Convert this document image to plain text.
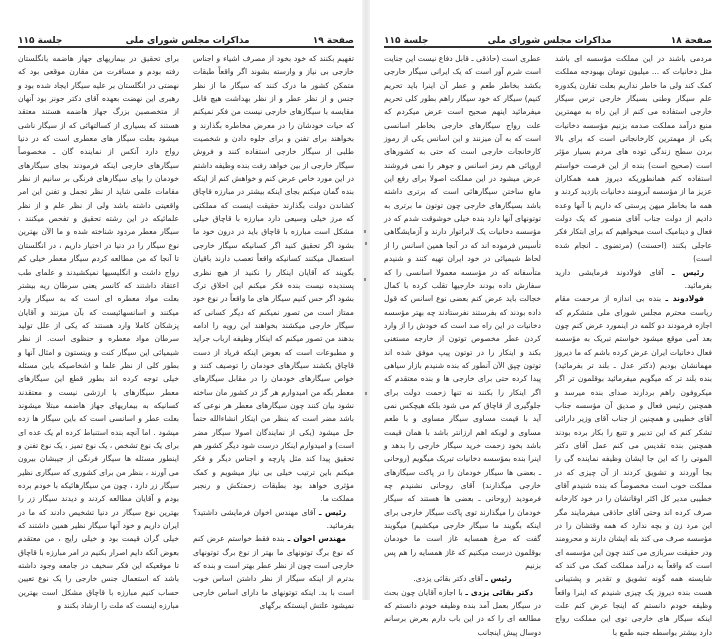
صفحة ۱۹
مذاکرات مجلس شورای ملی
جلسة ۱۱۵

تفهیم بکنند که خود بخود از مصرف اشیاء و اجناس خارجی بی نیاز و وارسته بشوند اگر واقعاً طبقات متمکن کشور ما درک کنند که سیگار ما از نظر جنس و از نظر عطر و از نظر بهداشت هیچ قابل مقایسه با سیگارهای خارجی نیست من فکر نمیکنم که حیات خودشان را در معرض مخاطره بگذارند و بخواهند برای تفنن و برای جلوه دادن و شخصیت طلبی از سیگار خارجی استفاده کنند و فروش سیگار خارجی از بین خواهد رفت بنده وظیفه داشتم در این مورد خاص عرض کنم و خواهش کنم از اینکه بنده گمان میکنم بجای اینکه بیشتر در مبارزه قاچاق کشاندن دولت بگذارند حقیقت اینست که مملکتی که مرز خیلی وسیعی دارد مبارزه با قاچاق خیلی مشکل است مبارزه با قاچاق باید در درون خود ما بشود اگر تحقیق کنید اگر کسانیکه سیگار خارجی استعمال میکنند کسانیکه واقعاً تعصب دارند باقیان بگویند که آقایان اینکار را نکنید از هیچ نظری پسندیده نیست بنده فکر میکنم این اخلاق ترک بشود اگر حس کنیم سیگار های ما واقعاً در نوع خود ممتاز است من تصور نمیکنم که دیگر کسانی که سیگار خارجی میکشند بخواهند این رویه را ادامه بدهند من تصور میکنم که اینکار وظیفه ارباب جراید و مطبوعات است که بعوض اینکه فریاد از دست قاچاق بکشند سیگارهای خودمان را توصیف کنند و خواص سیگارهای خودمان را در مقابل سیگارهای معطر بگه من امیدوارم هر گز در کشور مان ساخته نشود بیان کنند چون سیگارهای معطر هر نوعی که باشد مضر است که بنظر من اینکار انشاءالله حتماً حل میشود (یکی از نمایندگان اصولا سیگار مضر است) و امیدوارم اینکار درست شود دیگر کشور هم تحقیق پیدا کند مثل پارچه و اجناس دیگر و فکر میکنم باین ترتیب خیلی بی نیاز میشویم و کمک مؤثری خواهد بود بطبقات زحمتکش و رنجبر مملکت ما.

رئیس ـ آقای مهندس اخوان فرمایشی داشتید؟ بفرمائید.

مهندس اخوان ـ بنده فقط خواستم عرض کنم که نوع برگ توتونهای ما بهتر از نوع برگ توتونهای خارجی است چون از نظر عطر بهتر است و بنده که بدترم از اینکه سیگار از نظر داشتن اساس خوب است با بد. اینکه توتونهای ما دارای اساس خارجی نمیشود علتش اینستکه برگهای

برای تحقیق در بیماریهای جهاز هاضمه بانگلستان رفته بودم و مسافرت من مقارن موقعی بود که نهضتی در انگلستان بر علیه سیگار ایجاد شده بود و رهبری این نهضت بعهده آقای دکتر جونز بود آنهان از متخصصین بزرگ جهاز هاضمه هستند معتقد هستند که بسیاری از کسالتهائی که از سیگار ناشی میشود بعلت سیگار های معطری است که در دنیا رواج دارد آنکس از نماینده گان ـ مخصوصاً سیگارهای خارجی اینکه فرمودند بجای سیگارهای خودمان را بپای سیگارهای فرنگی بر سانیم از نظر مقامات علمی شاید از نظر تجمل و تفنن این امر واقعیتی داشته باشد ولی از نظر علم و از نظر علمائیکه در این رشته تحقیق و تفحص میکنند ، سیگار معطر مردود شناخته شده و ما الآن بهترین نوع سیگار را در دنیا در اختیار داریم ، در انگلستان تا آنجا که من مطالعه کردم سیگار معطر خیلی کم رواج داشت و انگلیسیها نمیکشیدند و علمای طب اعتقاد داشتند که کانسر یعنی سرطان ریه بیشتر بعلت مواد معطره ای است که به سیگار وارد میکنند و اسانسهائیست که بآن میزنند و آقایان پزشکان کاملا وارد هستند که یکی از علل تولید سرطان مواد معطره و حنظوی است. از نظر شیمیائی این سیگار کنت و وینستون و امثال آنها و بطور کلی از نظر علما و اشخاصیکه باین مسئله خیلی توجه کرده اند بطور قطع این سیگارهای معطر سیگارهای با ارزشی نیست و معتقدند کسانیکه به بیماریهای جهاز هاضمه مبتلا میشوند بعلت عطر و اسانسی است که باین سیگار ها زده میشود . اما آنچه بنده استنباط کرده ام یک عده ای برای یک نوع تشخص ، یک نوع تمیز ، یک نوع تفنن و اینطور مسئله ها سیگار فرنگی از جیبشان بیرون می آورند ، بنظر من برای کشوری که سیگاری نظیر سیگار زر دارد ، چون من سیگارهائیکه با خودم برده بودم و آقایان مطالعه کردند و دیدند سیگار زر را بهترین نوع سیگار در دنیا تشخیص دادند که ما در ایران داریم و خود آنها سیگار نظیر همین داشتند که خیلی گران قیمت بود و خیلی رایج ، من معتقدم بعوض آنکه دایم اصرار بکنیم در امر مبارزه با قاچاق تا موقعیکه این فکر سخیف در جامعه وجود داشته باشد که استعمال جنس خارجی را یک نوع تعیین حساب کنیم مبارزه با قاچاق مشکل است بهترین مبارزه اینست که ملت را ارشاد بکنند و

صفحة ۱۸
مذاکرات مجلس شورای ملی
جلسة ۱۱۵

مردمی باشند در این مملکت مؤسسه ای باشد مثل دخانیات که ... میلیون تومان بهبودجه مملکت کمک کند ولی ما خاطر نداریم بعلت تقارن یکدوره علم سیگار وطنی بسیگار خارجی ترس سیگار خارجی استفاده می کنم از این راه به مهمترین منبع درآمد مملکت صدمه بزنیم مؤسسه دخانیات یکی از مهمترین کارخانجاتی است که برای بالا بردن سطح زندگی توده های مردم بسیار مؤثر است (صحیح است) بنده از این فرصت خواستم استفاده کنم همانطوریکه دیروز همه همکاران عزیز ما از مؤسسه آبرومند دخانیات بازدید کردند و همه ما بخاطر میهن پرستی که داریم با آنها وعده دادیم از دولت جناب آقای منصور که یک دولت فعال و دینامیک است میخواهیم که برای ابتکار فکر عاجلی بکنند (احسنت) (مرتضوی ـ انجام شده است)

رئیس ـ آقای فولادوند فرمایشی دارید بفرمائید.

فولادوند ـ بنده بی اندازه از مرحمت مقام ریاست محترم مجلس شورای ملی متشکرم که اجازه فرمودند دو کلمه در اینمورد عرض کنم چون بعد آمی موقع میشود خواستم تبریک به مؤسسه فعال دخانیات ایران عرض کرده باشم که ما دیروز مهمانشان بودیم (دکتر عدل ـ بلند تر بفرمائید) بنده بلند تر که میگویم میفرمائید بوقلمون تر اگر میکروفون راهم بردارند صدای بنده میرسد و همچنین رئیس فعال و صدیق آن مؤسسه جناب آقای خطیبی و همچنین از جناب آقای وزیر دارائی تشکر کنم که این تدبیر و تتبع را بکار برده بودند همچنین بنده تقدیس می کنم عمل آقای دکتر الموتی را که این جا ایشان وظیفه نماینده گی را بجا آوردند و تشویق کردند از آن چیزی که در مملکت خوب است مخصوصاً که بنده شنیدم آقای خطیبی مدیر کل اکثر اوقاتشان را در خود کارخانه صرف کرده اند وحتی آقای حاذقی میفرمایند مگر این مرد زن و بچه ندارد که همه وقتشان را در مؤسسه صرف می کند بله ایشان دارند و محرومند ودر حقیقت سربازی می کنند چون این مؤسسه ای است که واقعاً به درآمد مملکت کمک می کند که شایسته همه گونه تشویق و تقدیر و پشتیبانی هست بنده دیروز یک چیزی شنیدم که اینرا واقعاً وظیفه خودم دانستم که اینجا عرض کنم علت اینکه سیگار های خارجی توی این مملکت رواج دارد بیشتر بواسطه جنبه طمع با

عطری است (حاذقی ـ قابل دفاع نیست این جنایت است شرم آور است که یک ایرانی سیگار خارجی بکشد بخاطر طعم و عطر آن اینرا باید تحریم کنیم) سیگار که خود سیگار راهم بطور کلی تحریم میفرمائید اینهم صحیح است عرض میکردم که علت رواج سیگارهای خارجی بخاطر اسانسی است که به آن میزنند و این اسانس یکی از رموز کارخانجات خارجی است که حتی به کشورهای اروپائی هم رمز اسانس و جوهر را نمی فروشند عرض میشود در این مملکت اصولا برای رفع این مانع ساختن سیگارهائی است که برتری داشته باشد بسیگارهای خارجی چون توتون ما برتری به توتونهای آنها دارد بنده خیلی خوشوقت شدم که در مؤسسه دخانیات یک لابراتوار دارند و آزمایشگاهی تأسیس فرموده اند که در آنجا همین اسانس را از لحاظ شیمیائی در خود ایران تهیه کنند و شنیدم متأسفانه که در مؤسسه معمولا اسانسی را که سفارش داده بودند خارجیها تقلب کرده با کمال خجالت باید عرض کنم بعضی نوع اسانس که قول داده بودند که بفرستند نفرستادند چه بهتر مؤسسه دخانیات در این راه صد است که خودش را از وارد کردن عطر مخصوص توتون از خارجه مستغنی بکند و اینکار را در توتون پیپ موفق شده اند توتون چپق الآن آنطور که بنده شنیدم بازار سیاهی پیدا کرده حتی برای خارجی ها و بنده معتقدم که اگر اینکار را بکنند نه تنها زحمت دولت برای جلوگیری از قاچاق کم می شود بلکه هیچکس نمی آید با قیمت مساوی سیگار مساوی و با طعم مساوی و لوبکه اهم ارزانتر باشد با همان قیمت باشد بخود زحمت خرید سیگار خارجی را بدهد و اینرا بنده بمؤسسه دخانیات تبریک میگویم (روحانی ـ بعضی ها سیگار خودمان را در پاکت سیگارهای خارجی میگذارند) آقای روحانی نشنیدم چه فرمودید (روحانی ـ بعضی ها هستند که سیگار خودمان را میگذارند توی پاکت سیگار خارجی برای اینکه بگویند ما سیگار خارجی میکشیم) میگویند گفت که مرغ همسایه غاز است ما خودمان بوقلمون درست میکنیم که غاز همسایه را هم پس بزنیم

رئیس ـ آقای دکتر بقائی یزدی.

دکتر بقائی یزدی ـ با اجازه آقایان چون بحث در سیگار بعمل آمد بنده وظیفه خودم دانستم که مطالعه ای را که در این باب دارم بعرض برسانم دوسال پیش اینجانب
